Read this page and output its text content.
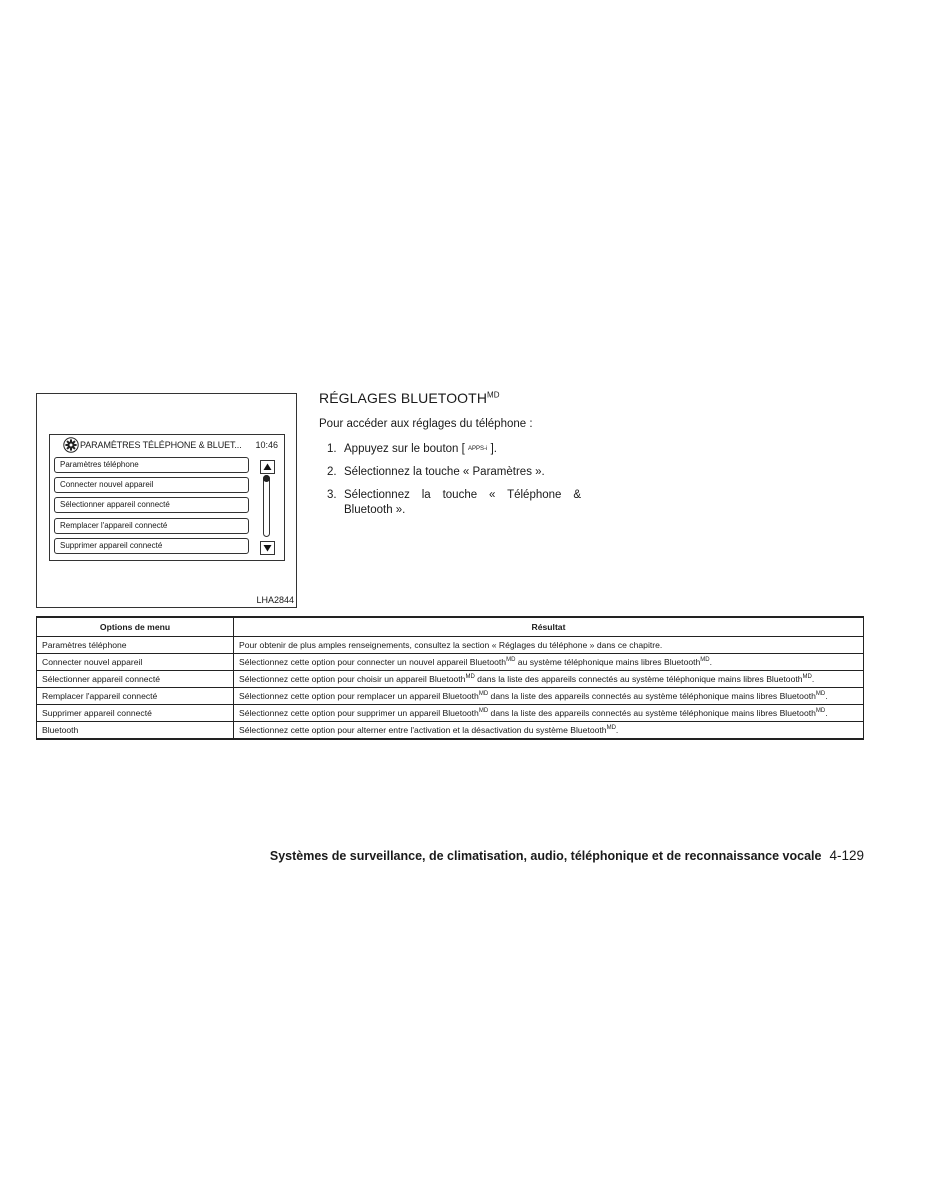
PARAMÈTRES TÉLÉPHONE & BLUET... 10:46
Paramètres téléphone
Connecter nouvel appareil
Sélectionner appareil connecté
Remplacer l'appareil connecté
Supprimer appareil connecté
LHA2844
RÉGLAGES $BLUETOOTH^{MD}$
Pour accéder aux réglages du téléphone :
1. Appuyez sur le bouton [ APPS-i ].
2. Sélectionnez la touche « Paramètres ».
3. Sélectionnez la touche « Téléphone & Bluetooth ».
Options de menu	Résultat
Paramètres téléphone	Pour obtenir de plus amples renseignements, consultez la section « Réglages du téléphone » dans ce chapitre.
Connecter nouvel appareil	Sélectionnez cette option pour connecter un nouvel appareil Bluetooth$^{MD}$ au système téléphonique mains libres Bluetooth$^{MD}$.
Sélectionner appareil connecté	Sélectionnez cette option pour choisir un appareil Bluetooth$^{MD}$ dans la liste des appareils connectés au système téléphonique mains libres Bluetooth$^{MD}$.
Remplacer l'appareil connecté	Sélectionnez cette option pour remplacer un appareil Bluetooth$^{MD}$ dans la liste des appareils connectés au système téléphonique mains libres Bluetooth$^{MD}$.
Supprimer appareil connecté	Sélectionnez cette option pour supprimer un appareil Bluetooth$^{MD}$ dans la liste des appareils connectés au système téléphonique mains libres Bluetooth$^{MD}$.
Bluetooth	Sélectionnez cette option pour alterner entre l'activation et la désactivation du système Bluetooth$^{MD}$.
Systèmes de surveillance, de climatisation, audio, téléphonique et de reconnaissance vocale 4-129
